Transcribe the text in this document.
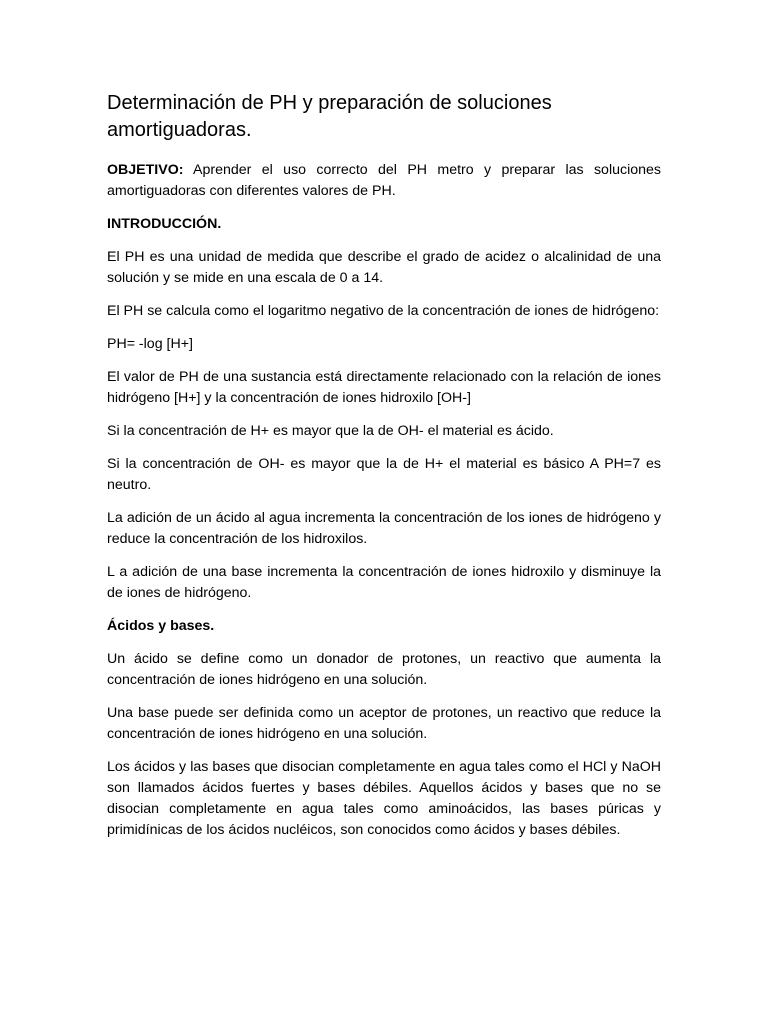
Determinación de PH y preparación de soluciones amortiguadoras.

OBJETIVO: Aprender el uso correcto del PH metro y preparar las soluciones amortiguadoras con diferentes valores de PH.

INTRODUCCIÓN.

El PH es una unidad de medida que describe el grado de acidez o alcalinidad de una solución y se mide en una escala de 0 a 14.

El PH se calcula como el logaritmo negativo de la concentración de iones de hidrógeno:

PH= -log [H+]

El valor de PH de una sustancia está directamente relacionado con la relación de iones hidrógeno [H+] y la concentración de iones hidroxilo [OH-]

Si la concentración de H+ es mayor que la de OH- el material es ácido.

Si la concentración de OH- es mayor que la de H+ el material es básico A PH=7 es neutro.

La adición de un ácido al agua incrementa la concentración de los iones de hidrógeno y reduce la concentración de los hidroxilos.

L a adición de una base incrementa la concentración de iones hidroxilo y disminuye la de iones de hidrógeno.

Ácidos y bases.

Un ácido se define como un donador de protones, un reactivo que aumenta la concentración de iones hidrógeno en una solución.

Una base puede ser definida como un aceptor de protones, un reactivo que reduce la concentración de iones hidrógeno en una solución.

Los ácidos y las bases que disocian completamente en agua tales como el HCl y NaOH son llamados ácidos fuertes y bases débiles. Aquellos ácidos y bases que no se disocian completamente en agua tales como aminoácidos, las bases púricas y primidínicas de los ácidos nucléicos, son conocidos como ácidos y bases débiles.
